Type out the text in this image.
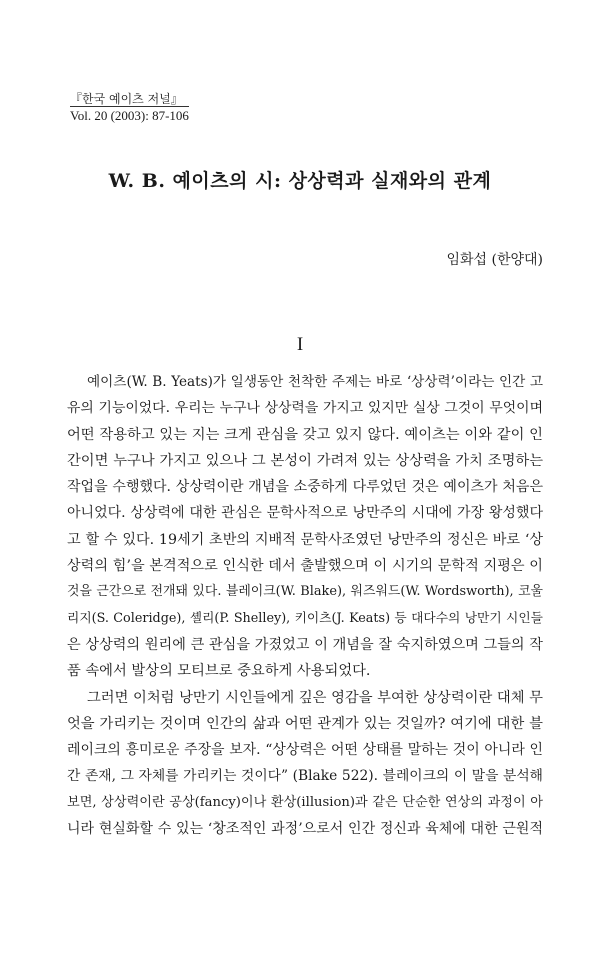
『한국 예이츠 저널』
Vol. 20 (2003): 87-106
W. B. 예이츠의 시: 상상력과 실재와의 관계
임화섭 (한양대)
I
예이츠(W. B. Yeats)가 일생동안 천착한 주제는 바로 ‘상상력’이라는 인간 고
유의 기능이었다. 우리는 누구나 상상력을 가지고 있지만 실상 그것이 무엇이며
어떤 작용하고 있는 지는 크게 관심을 갖고 있지 않다. 예이츠는 이와 같이 인
간이면 누구나 가지고 있으나 그 본성이 가려져 있는 상상력을 가치 조명하는
작업을 수행했다. 상상력이란 개념을 소중하게 다루었던 것은 예이츠가 처음은
아니었다. 상상력에 대한 관심은 문학사적으로 낭만주의 시대에 가장 왕성했다
고 할 수 있다. 19세기 초반의 지배적 문학사조였던 낭만주의 정신은 바로 ‘상
상력의 힘’을 본격적으로 인식한 데서 출발했으며 이 시기의 문학적 지평은 이
것을 근간으로 전개돼 있다. 블레이크(W. Blake), 워즈워드(W. Wordsworth), 코울
리지(S. Coleridge), 셸리(P. Shelley), 키이츠(J. Keats) 등 대다수의 낭만기 시인들
은 상상력의 원리에 큰 관심을 가졌었고 이 개념을 잘 숙지하였으며 그들의 작
품 속에서 발상의 모티브로 중요하게 사용되었다.
그러면 이처럼 낭만기 시인들에게 깊은 영감을 부여한 상상력이란 대체 무
엇을 가리키는 것이며 인간의 삶과 어떤 관계가 있는 것일까? 여기에 대한 블
레이크의 흥미로운 주장을 보자. “상상력은 어떤 상태를 말하는 것이 아니라 인
간 존재, 그 자체를 가리키는 것이다” (Blake 522). 블레이크의 이 말을 분석해
보면, 상상력이란 공상(fancy)이나 환상(illusion)과 같은 단순한 연상의 과정이 아
니라 현실화할 수 있는 ‘창조적인 과정’으로서 인간 정신과 육체에 대한 근원적
